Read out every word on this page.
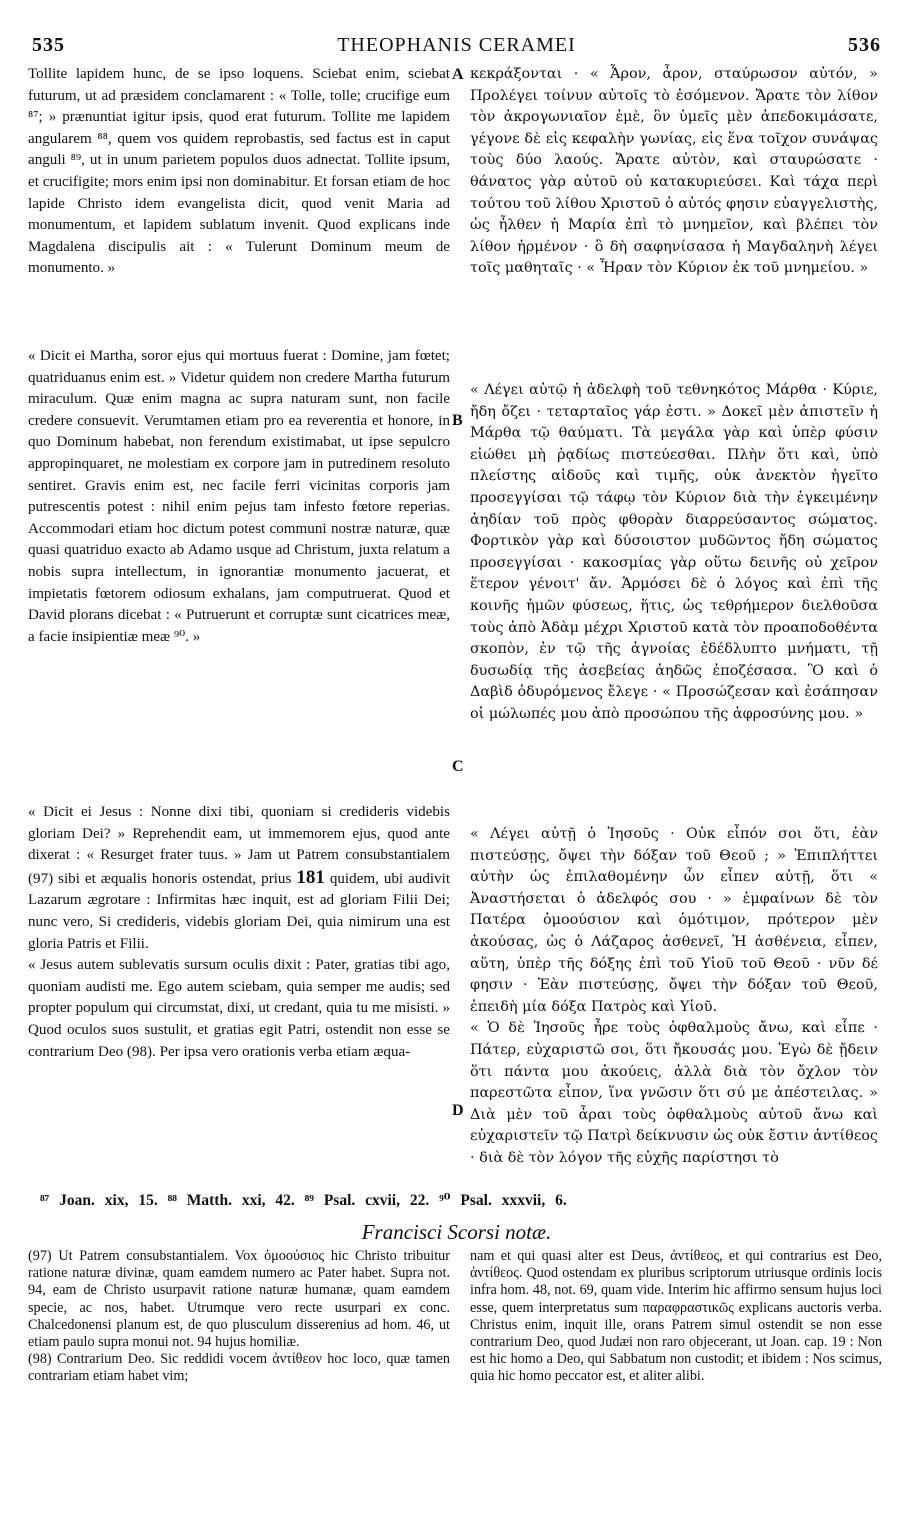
535	THEOPHANIS CERAMEI	536

Tollite lapidem hunc, de se ipso loquens. Sciebat enim, sciebat futurum, ut ad præsidem conclamarent : « Tolle, tolle; crucifige eum ⁸⁷; » prænuntiat igitur ipsis, quod erat futurum. Tollite me lapidem angularem ⁸⁸, quem vos quidem reprobastis, sed factus est in caput anguli ⁸⁹, ut in unum parietem populos duos adnectat. Tollite ipsum, et crucifigite; mors enim ipsi non dominabitur. Et forsan etiam de hoc lapide Christo idem evangelista dicit, quod venit Maria ad monumentum, et lapidem sublatum invenit. Quod explicans inde Magdalena discipulis ait : « Tulerunt Dominum meum de monumento. »

« Dicit ei Martha, soror ejus qui mortuus fuerat : Domine, jam fœtet; quatriduanus enim est. » Videtur quidem non credere Martha futurum miraculum. Quæ enim magna ac supra naturam sunt, non facile credere consuevit. Verumtamen etiam pro ea reverentia et honore, in quo Dominum habebat, non ferendum existimabat, ut ipse sepulcro appropinquaret, ne molestiam ex corpore jam in putredinem resoluto sentiret. Gravis enim est, nec facile ferri vicinitas corporis jam putrescentis potest : nihil enim pejus tam infesto fœtore reperias. Accommodari etiam hoc dictum potest communi nostræ naturæ, quæ quasi quatriduo exacto ab Adamo usque ad Christum, juxta relatum a nobis supra intellectum, in ignorantiæ monumento jacuerat, et impietatis fœtorem odiosum exhalans, jam computruerat. Quod et David plorans dicebat : « Putruerunt et corruptæ sunt cicatrices meæ, a facie insipientiæ meæ ⁹⁰. »

« Dicit ei Jesus : Nonne dixi tibi, quoniam si credideris videbis gloriam Dei? » Reprehendit eam, ut immemorem ejus, quod ante dixerat : « Resurget frater tuus. » Jam ut Patrem consubstantialem (97) sibi et æqualis honoris ostendat, prius 181 quidem, ubi audivit Lazarum ægrotare : Infirmitas hæc inquit, est ad gloriam Filii Dei; nunc vero, Si credideris, videbis gloriam Dei, quia nimirum una est gloria Patris et Filii.

« Jesus autem sublevatis sursum oculis dixit : Pater, gratias tibi ago, quoniam audisti me. Ego autem sciebam, quia semper me audis; sed propter populum qui circumstat, dixi, ut credant, quia tu me misisti. » Quod oculos suos sustulit, et gratias egit Patri, ostendit non esse se contrarium Deo (98). Per ipsa vero orationis verba etiam æqua-

A
B
C
D

κεκράξονται · « Ἆρον, ἆρον, σταύρωσον αὐτόν, » Προλέγει τοίνυν αὐτοῖς τὸ ἐσόμενον. Ἄρατε τὸν λίθον τὸν ἀκρογωνιαῖον ἐμὲ, ὃν ὑμεῖς μὲν ἀπεδοκιμάσατε, γέγονε δὲ εἰς κεφαλὴν γωνίας, εἰς ἕνα τοῖχον συνάψας τοὺς δύο λαούς. Ἄρατε αὐτὸν, καὶ σταυρώσατε · θάνατος γὰρ αὐτοῦ οὐ κατακυριεύσει. Καὶ τάχα περὶ τούτου τοῦ λίθου Χριστοῦ ὁ αὐτός φησιν εὐαγγελιστὴς, ὡς ἦλθεν ἡ Μαρία ἐπὶ τὸ μνημεῖον, καὶ βλέπει τὸν λίθον ἠρμένον · ὃ δὴ σαφηνίσασα ἡ Μαγδαληνὴ λέγει τοῖς μαθηταῖς · « Ἦραν τὸν Κύριον ἐκ τοῦ μνημείου. »

« Λέγει αὐτῷ ἡ ἀδελφὴ τοῦ τεθνηκότος Μάρθα · Κύριε, ἤδη ὄζει · τεταρταῖος γάρ ἐστι. » Δοκεῖ μὲν ἀπιστεῖν ἡ Μάρθα τῷ θαύματι. Τὰ μεγάλα γὰρ καὶ ὑπὲρ φύσιν εἰώθει μὴ ῥᾳδίως πιστεύεσθαι. Πλὴν ὅτι καὶ, ὑπὸ πλείστης αἰδοῦς καὶ τιμῆς, οὐκ ἀνεκτὸν ἡγεῖτο προσεγγίσαι τῷ τάφῳ τὸν Κύριον διὰ τὴν ἐγκειμένην ἀηδίαν τοῦ πρὸς φθορὰν διαρρεύσαντος σώματος. Φορτικὸν γὰρ καὶ δύσοιστον μυδῶντος ἤδη σώματος προσεγγίσαι · κακοσμίας γὰρ οὕτω δεινῆς οὐ χεῖρον ἕτερον γένοιτ' ἄν. Ἁρμόσει δὲ ὁ λόγος καὶ ἐπὶ τῆς κοινῆς ἡμῶν φύσεως, ἥτις, ὡς τεθρήμερον διελθοῦσα τοὺς ἀπὸ Ἀδὰμ μέχρι Χριστοῦ κατὰ τὸν προαποδοθέντα σκοπὸν, ἐν τῷ τῆς ἀγνοίας ἐδέδλυπτο μνήματι, τῇ δυσωδίᾳ τῆς ἀσεβείας ἀηδῶς ἐποζέσασα. Ὃ καὶ ὁ Δαβὶδ ὀδυρόμενος ἔλεγε · « Προσώζεσαν καὶ ἐσάπησαν οἱ μώλωπές μου ἀπὸ προσώπου τῆς ἀφροσύνης μου. »

« Λέγει αὐτῇ ὁ Ἰησοῦς · Οὐκ εἶπόν σοι ὅτι, ἐὰν πιστεύσῃς, ὄψει τὴν δόξαν τοῦ Θεοῦ ; » Ἐπιπλήττει αὐτὴν ὡς ἐπιλαθομένην ὧν εἶπεν αὐτῇ, ὅτι « Ἀναστήσεται ὁ ἀδελφός σου · » ἐμφαίνων δὲ τὸν Πατέρα ὁμοούσιον καὶ ὁμότιμον, πρότερον μὲν ἀκούσας, ὡς ὁ Λάζαρος ἀσθενεῖ, Ἡ ἀσθένεια, εἶπεν, αὕτη, ὑπὲρ τῆς δόξης ἐπὶ τοῦ Υἱοῦ τοῦ Θεοῦ · νῦν δέ φησιν · Ἐὰν πιστεύσῃς, ὄψει τὴν δόξαν τοῦ Θεοῦ, ἐπειδὴ μία δόξα Πατρὸς καὶ Υἱοῦ.

« Ὁ δὲ Ἰησοῦς ἦρε τοὺς ὀφθαλμοὺς ἄνω, καὶ εἶπε · Πάτερ, εὐχαριστῶ σοι, ὅτι ἤκουσάς μου. Ἐγὼ δὲ ᾔδειν ὅτι πάντα μου ἀκούεις, ἀλλὰ διὰ τὸν ὄχλον τὸν παρεστῶτα εἶπον, ἵνα γνῶσιν ὅτι σύ με ἀπέστειλας. » Διὰ μὲν τοῦ ἆραι τοὺς ὀφθαλμοὺς αὐτοῦ ἄνω καὶ εὐχαριστεῖν τῷ Πατρὶ δείκνυσιν ὡς οὐκ ἔστιν ἀντίθεος · διὰ δὲ τὸν λόγον τῆς εὐχῆς παρίστησι τὸ

⁸⁷ Joan. xix, 15. ⁸⁸ Matth. xxi, 42. ⁸⁹ Psal. cxvii, 22. ⁹⁰ Psal. xxxvii, 6.
Francisci Scorsi notæ.

(97) Ut Patrem consubstantialem. Vox ὁμοούσιος hic Christo tribuitur ratione naturæ divinæ, quam eamdem numero ac Pater habet. Supra not. 94, eam de Christo usurpavit ratione naturæ humanæ, quam eamdem specie, ac nos, habet. Utrumque vero recte usurpari ex conc. Chalcedonensi planum est, de quo plusculum disserenius ad hom. 46, ut etiam paulo supra monui not. 94 hujus homiliæ.

(98) Contrarium Deo. Sic reddidi vocem ἀντίθεον hoc loco, quæ tamen contrariam etiam habet vim;

nam et qui quasi alter est Deus, ἀντίθεος, et qui contrarius est Deo, ἀντίθεος. Quod ostendam ex pluribus scriptorum utriusque ordinis locis infra hom. 48, not. 69, quam vide. Interim hic affirmo sensum hujus loci esse, quem interpretatus sum παραφραστικῶς explicans auctoris verba. Christus enim, inquit ille, orans Patrem simul ostendit se non esse contrarium Deo, quod Judæi non raro objecerant, ut Joan. cap. 19 : Non est hic homo a Deo, qui Sabbatum non custodit; et ibidem : Nos scimus, quia hic homo peccator est, et aliter alibi.
